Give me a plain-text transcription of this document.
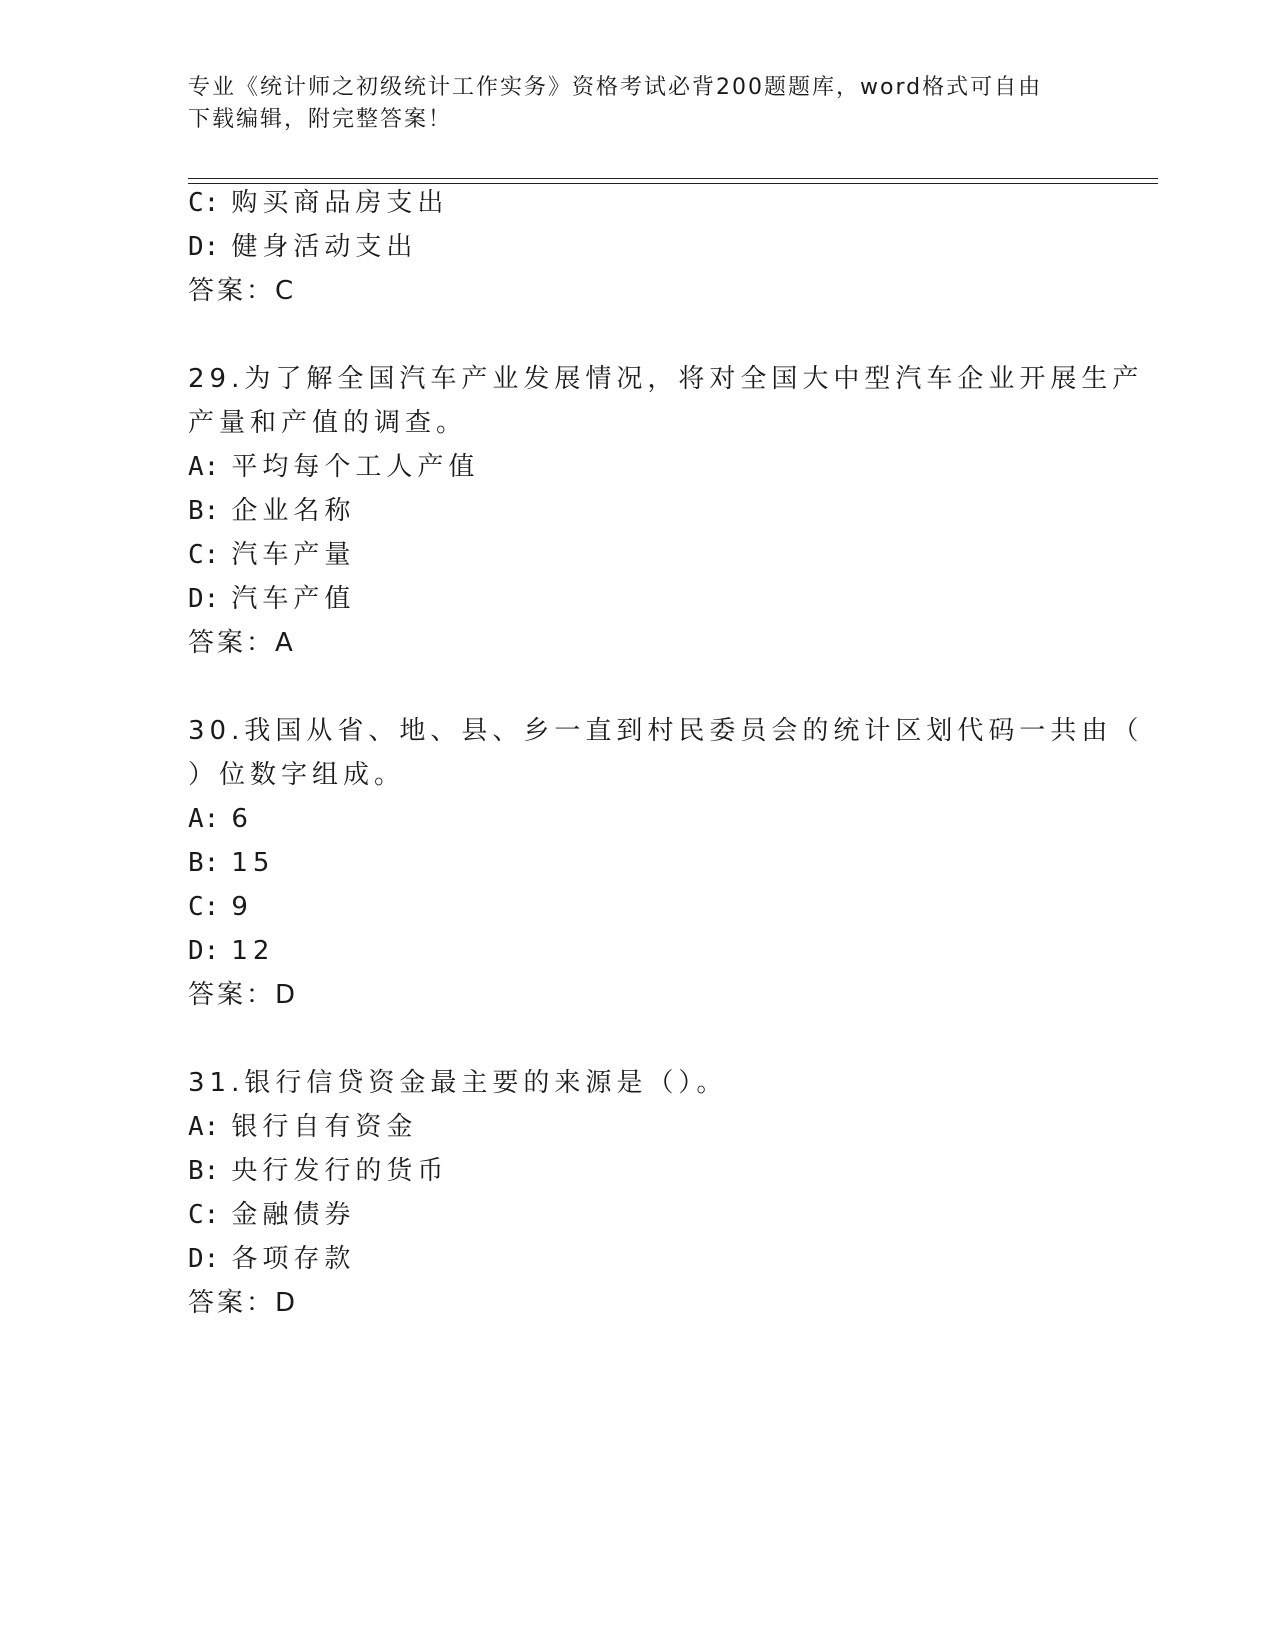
专业《统计师之初级统计工作实务》资格考试必背200题题库，word格式可自由
下载编辑，附完整答案！
C: 购买商品房支出
D: 健身活动支出
答案：C
29.为了解全国汽车产业发展情况，将对全国大中型汽车企业开展生产
产量和产值的调查。
A: 平均每个工人产值
B: 企业名称
C: 汽车产量
D: 汽车产值
答案：A
30.我国从省、地、县、乡一直到村民委员会的统计区划代码一共由（
）位数字组成。
A: 6
B: 15
C: 9
D: 12
答案：D
31.银行信贷资金最主要的来源是（）。
A: 银行自有资金
B: 央行发行的货币
C: 金融债券
D: 各项存款
答案：D
